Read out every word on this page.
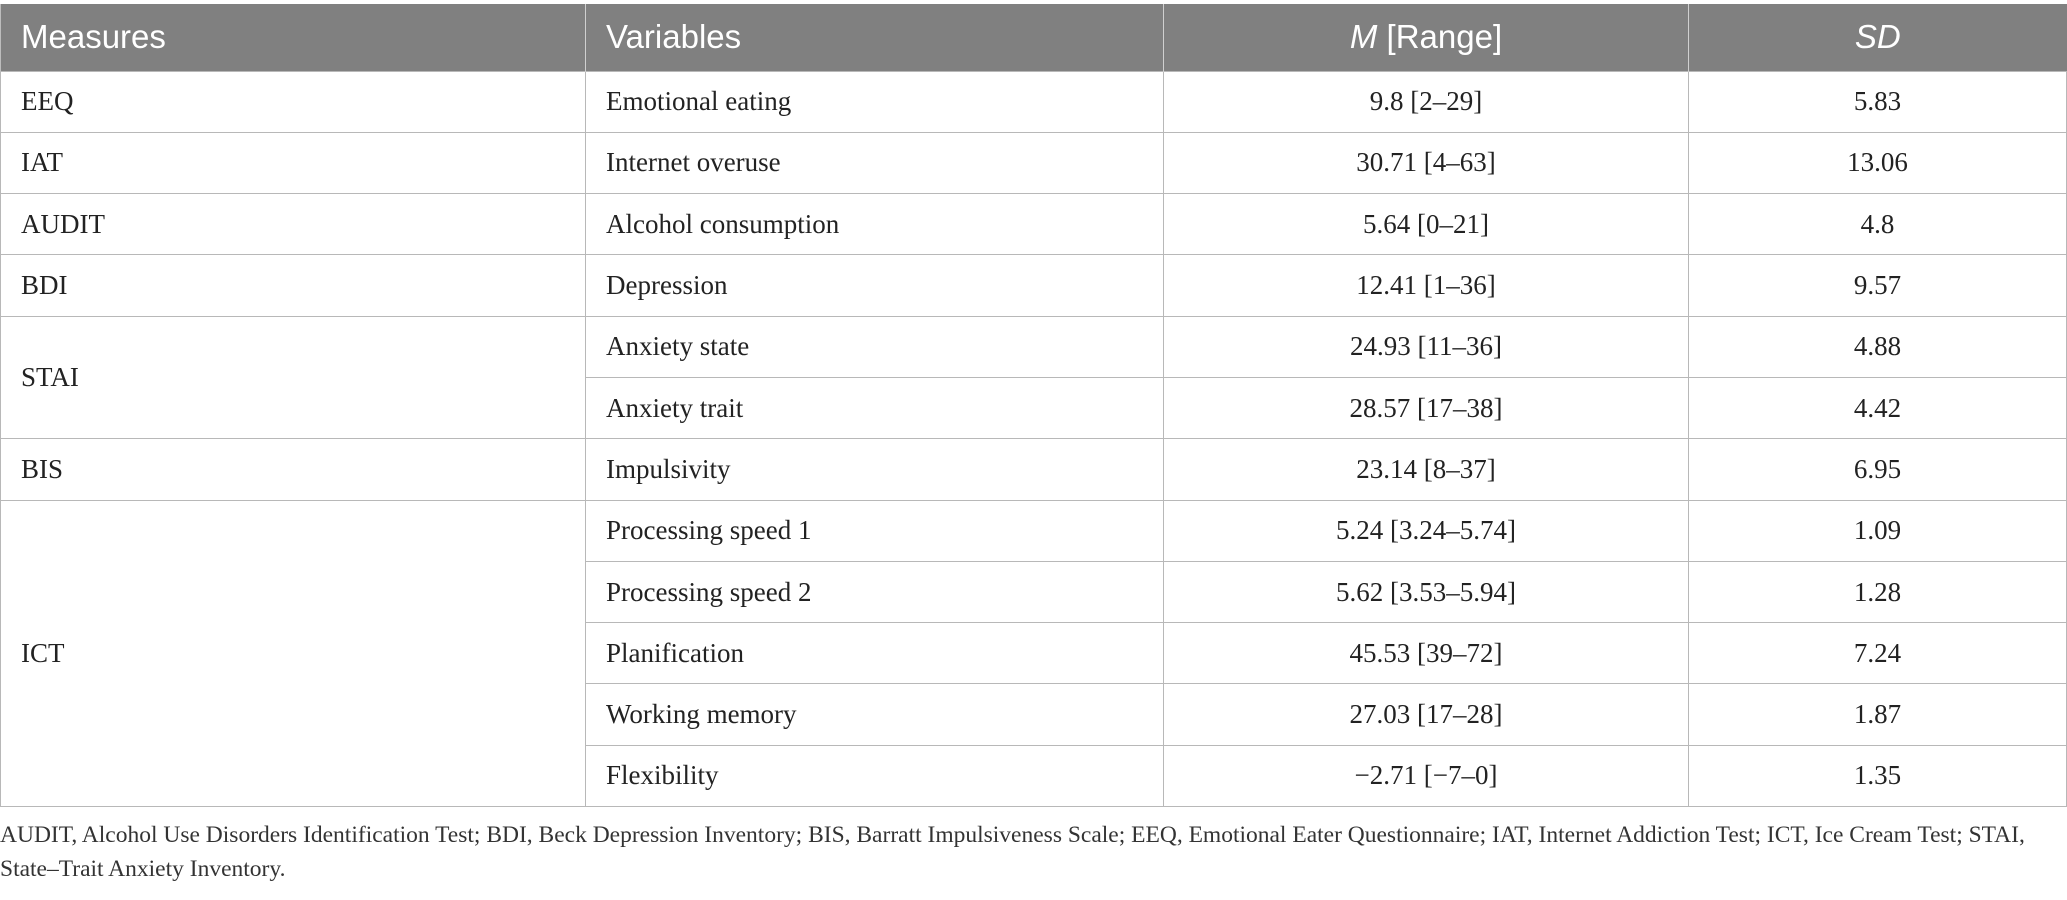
Measures	Variables	M [Range]	SD
EEQ	Emotional eating	9.8 [2–29]	5.83
IAT	Internet overuse	30.71 [4–63]	13.06
AUDIT	Alcohol consumption	5.64 [0–21]	4.8
BDI	Depression	12.41 [1–36]	9.57
STAI	Anxiety state	24.93 [11–36]	4.88
	Anxiety trait	28.57 [17–38]	4.42
BIS	Impulsivity	23.14 [8–37]	6.95
ICT	Processing speed 1	5.24 [3.24–5.74]	1.09
	Processing speed 2	5.62 [3.53–5.94]	1.28
	Planification	45.53 [39–72]	7.24
	Working memory	27.03 [17–28]	1.87
	Flexibility	−2.71 [−7–0]	1.35
AUDIT, Alcohol Use Disorders Identification Test; BDI, Beck Depression Inventory; BIS, Barratt Impulsiveness Scale; EEQ, Emotional Eater Questionnaire; IAT, Internet Addiction Test; ICT, Ice Cream Test; STAI, State–Trait Anxiety Inventory.
